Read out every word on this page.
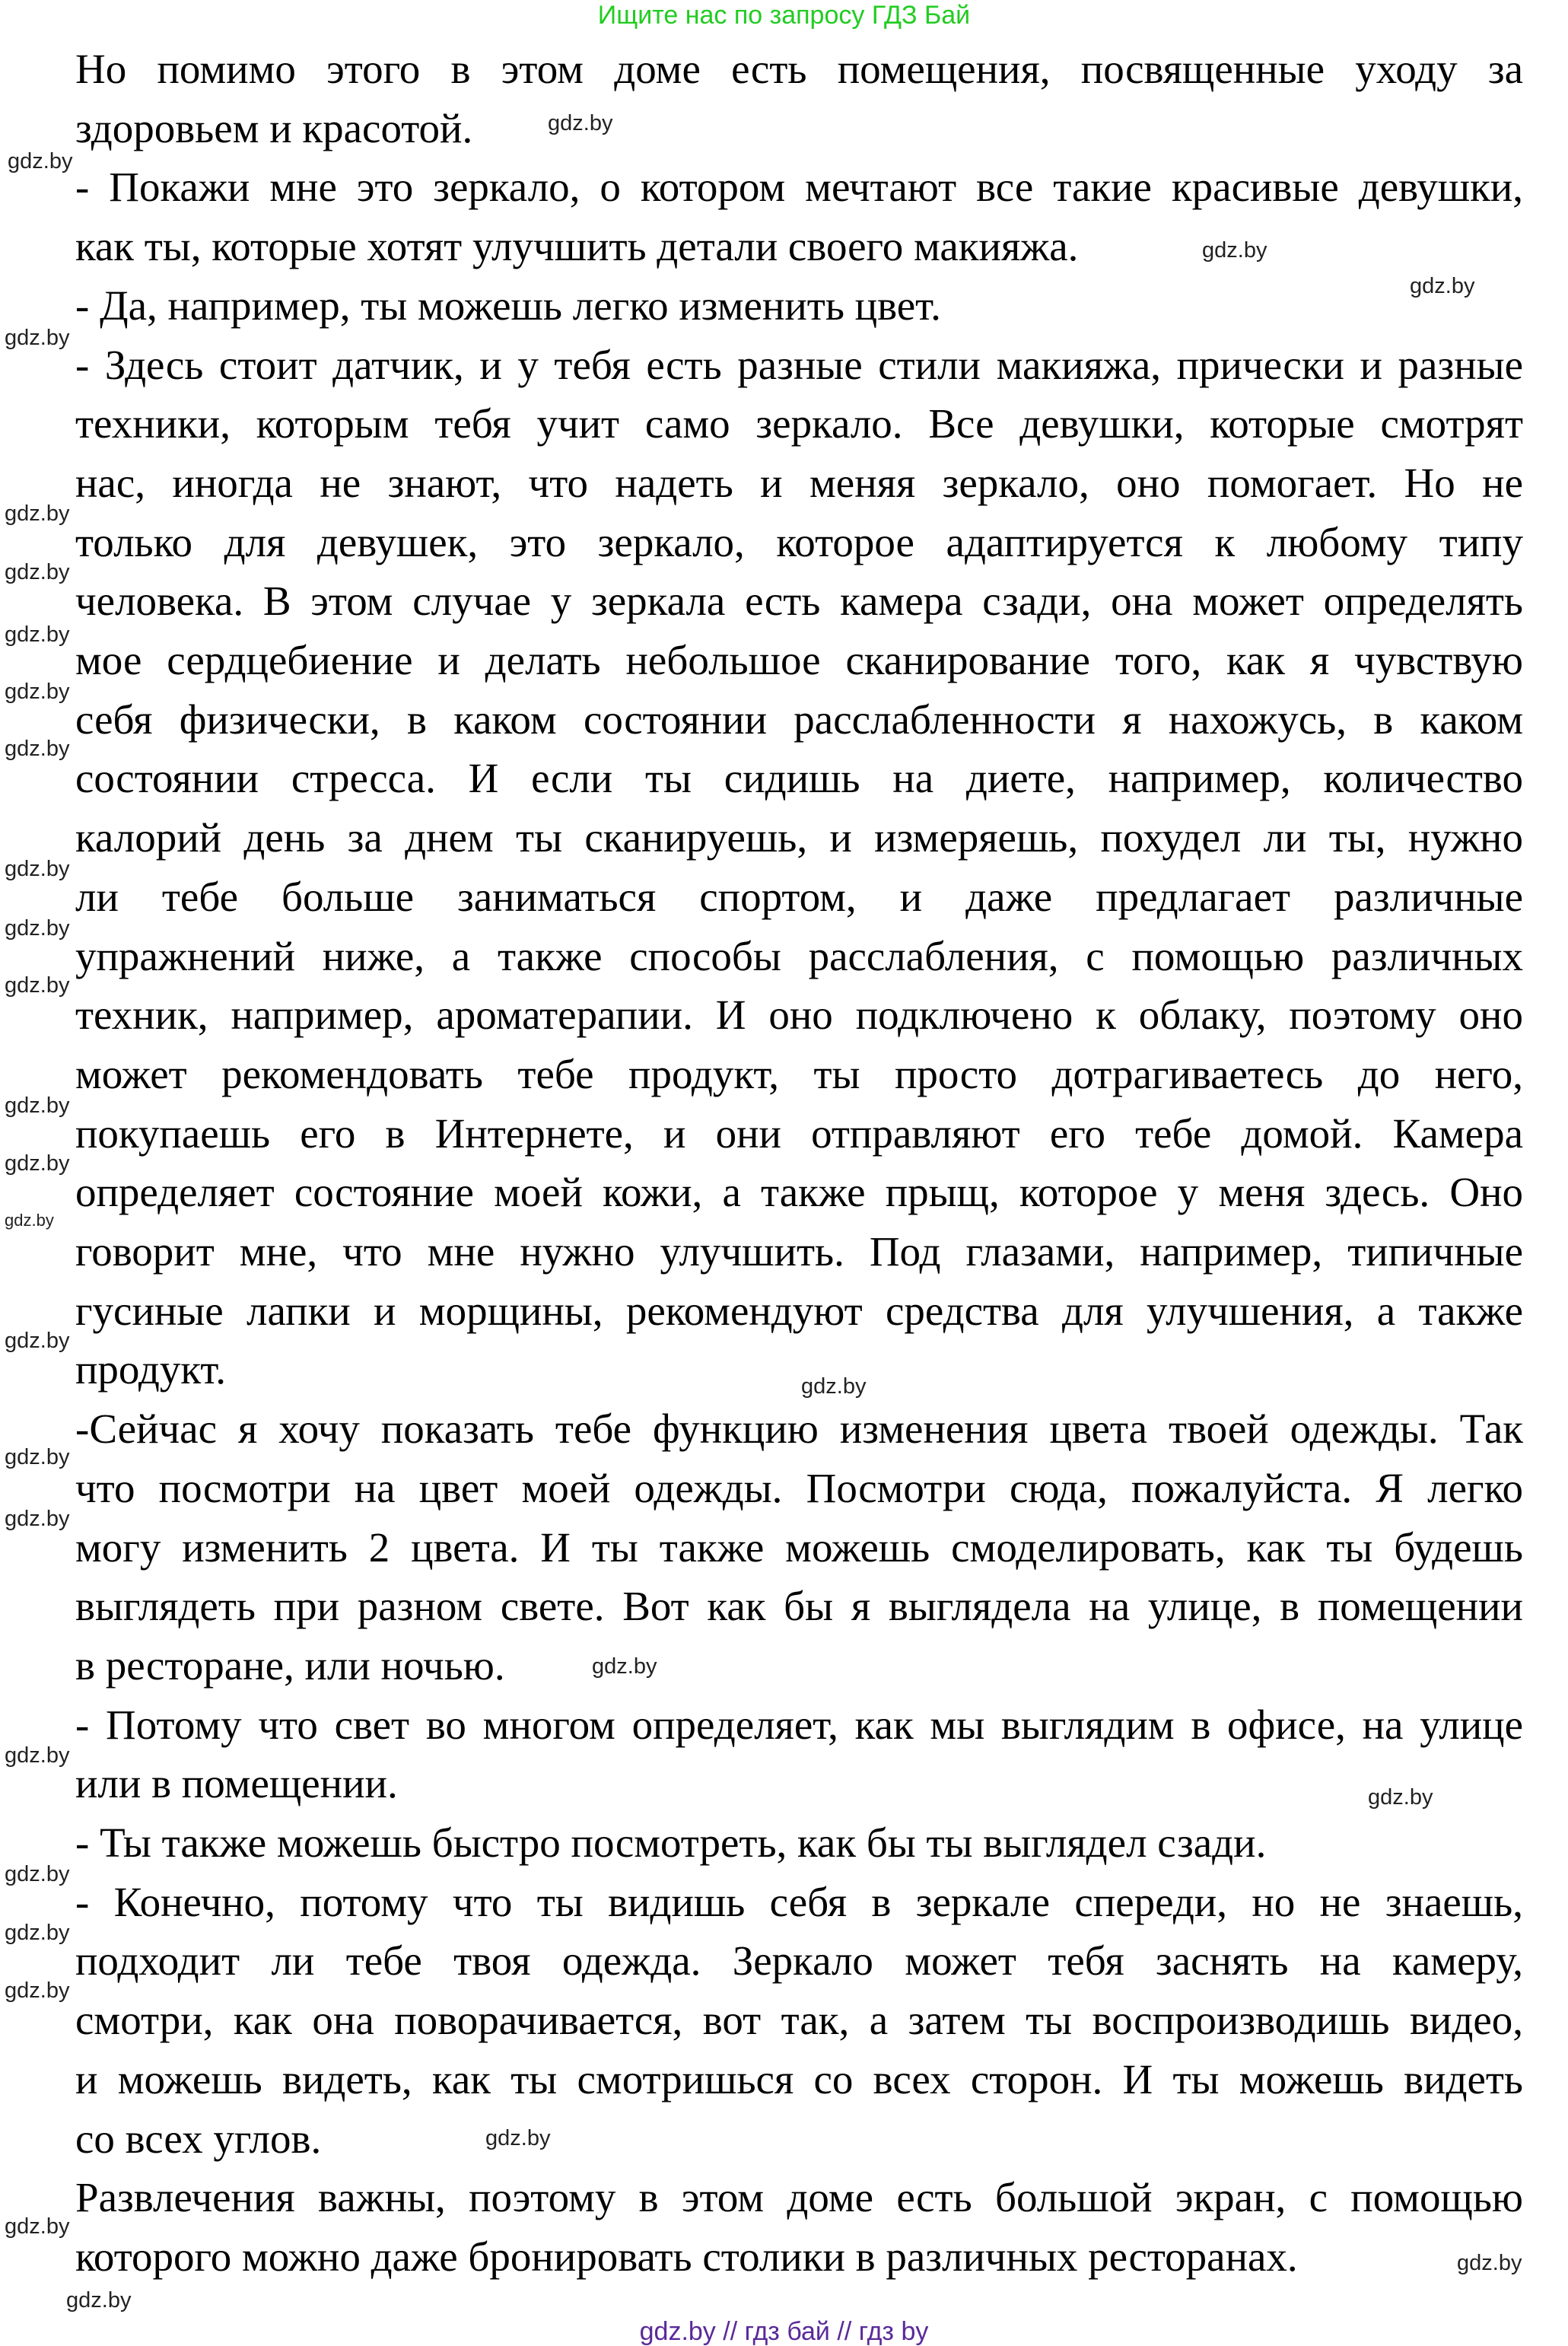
Ищите нас по запросу ГДЗ Бай
Но помимо этого в этом доме есть помещения, посвященные уходу за
здоровьем и красотой.
- Покажи мне это зеркало, о котором мечтают все такие красивые девушки,
как ты, которые хотят улучшить детали своего макияжа.
- Да, например, ты можешь легко изменить цвет.
- Здесь стоит датчик, и у тебя есть разные стили макияжа, прически и разные
техники, которым тебя учит само зеркало. Все девушки, которые смотрят
нас, иногда не знают, что надеть и меняя зеркало, оно помогает. Но не
только для девушек, это зеркало, которое адаптируется к любому типу
человека. В этом случае у зеркала есть камера сзади, она может определять
мое сердцебиение и делать небольшое сканирование того, как я чувствую
себя физически, в каком состоянии расслабленности я нахожусь, в каком
состоянии стресса. И если ты сидишь на диете, например, количество
калорий день за днем ты сканируешь, и измеряешь, похудел ли ты, нужно
ли тебе больше заниматься спортом, и даже предлагает различные
упражнений ниже, а также способы расслабления, с помощью различных
техник, например, ароматерапии. И оно подключено к облаку, поэтому оно
может рекомендовать тебе продукт, ты просто дотрагиваетесь до него,
покупаешь его в Интернете, и они отправляют его тебе домой. Камера
определяет состояние моей кожи, а также прыщ, которое у меня здесь. Оно
говорит мне, что мне нужно улучшить. Под глазами, например, типичные
гусиные лапки и морщины, рекомендуют средства для улучшения, а также
продукт.
-Сейчас я хочу показать тебе функцию изменения цвета твоей одежды. Так
что посмотри на цвет моей одежды. Посмотри сюда, пожалуйста. Я легко
могу изменить 2 цвета. И ты также можешь смоделировать, как ты будешь
выглядеть при разном свете. Вот как бы я выглядела на улице, в помещении
в ресторане, или ночью.
- Потому что свет во многом определяет, как мы выглядим в офисе, на улице
или в помещении.
- Ты также можешь быстро посмотреть, как бы ты выглядел сзади.
- Конечно, потому что ты видишь себя в зеркале спереди, но не знаешь,
подходит ли тебе твоя одежда. Зеркало может тебя заснять на камеру,
смотри, как она поворачивается, вот так, а затем ты воспроизводишь видео,
и можешь видеть, как ты смотришься со всех сторон. И ты можешь видеть
со всех углов.
Развлечения важны, поэтому в этом доме есть большой экран, с помощью
которого можно даже бронировать столики в различных ресторанах.
gdz.by
gdz.by
gdz.by
gdz.by
gdz.by
gdz.by
gdz.by
gdz.by
gdz.by
gdz.by
gdz.by
gdz.by
gdz.by
gdz.by
gdz.by
gdz.by
gdz.by
gdz.by
gdz.by
gdz.by
gdz.by
gdz.by
gdz.by
gdz.by
gdz.by
gdz.by
gdz.by
gdz.by
gdz.by
gdz.by
gdz.by // гдз бай // гдз by
